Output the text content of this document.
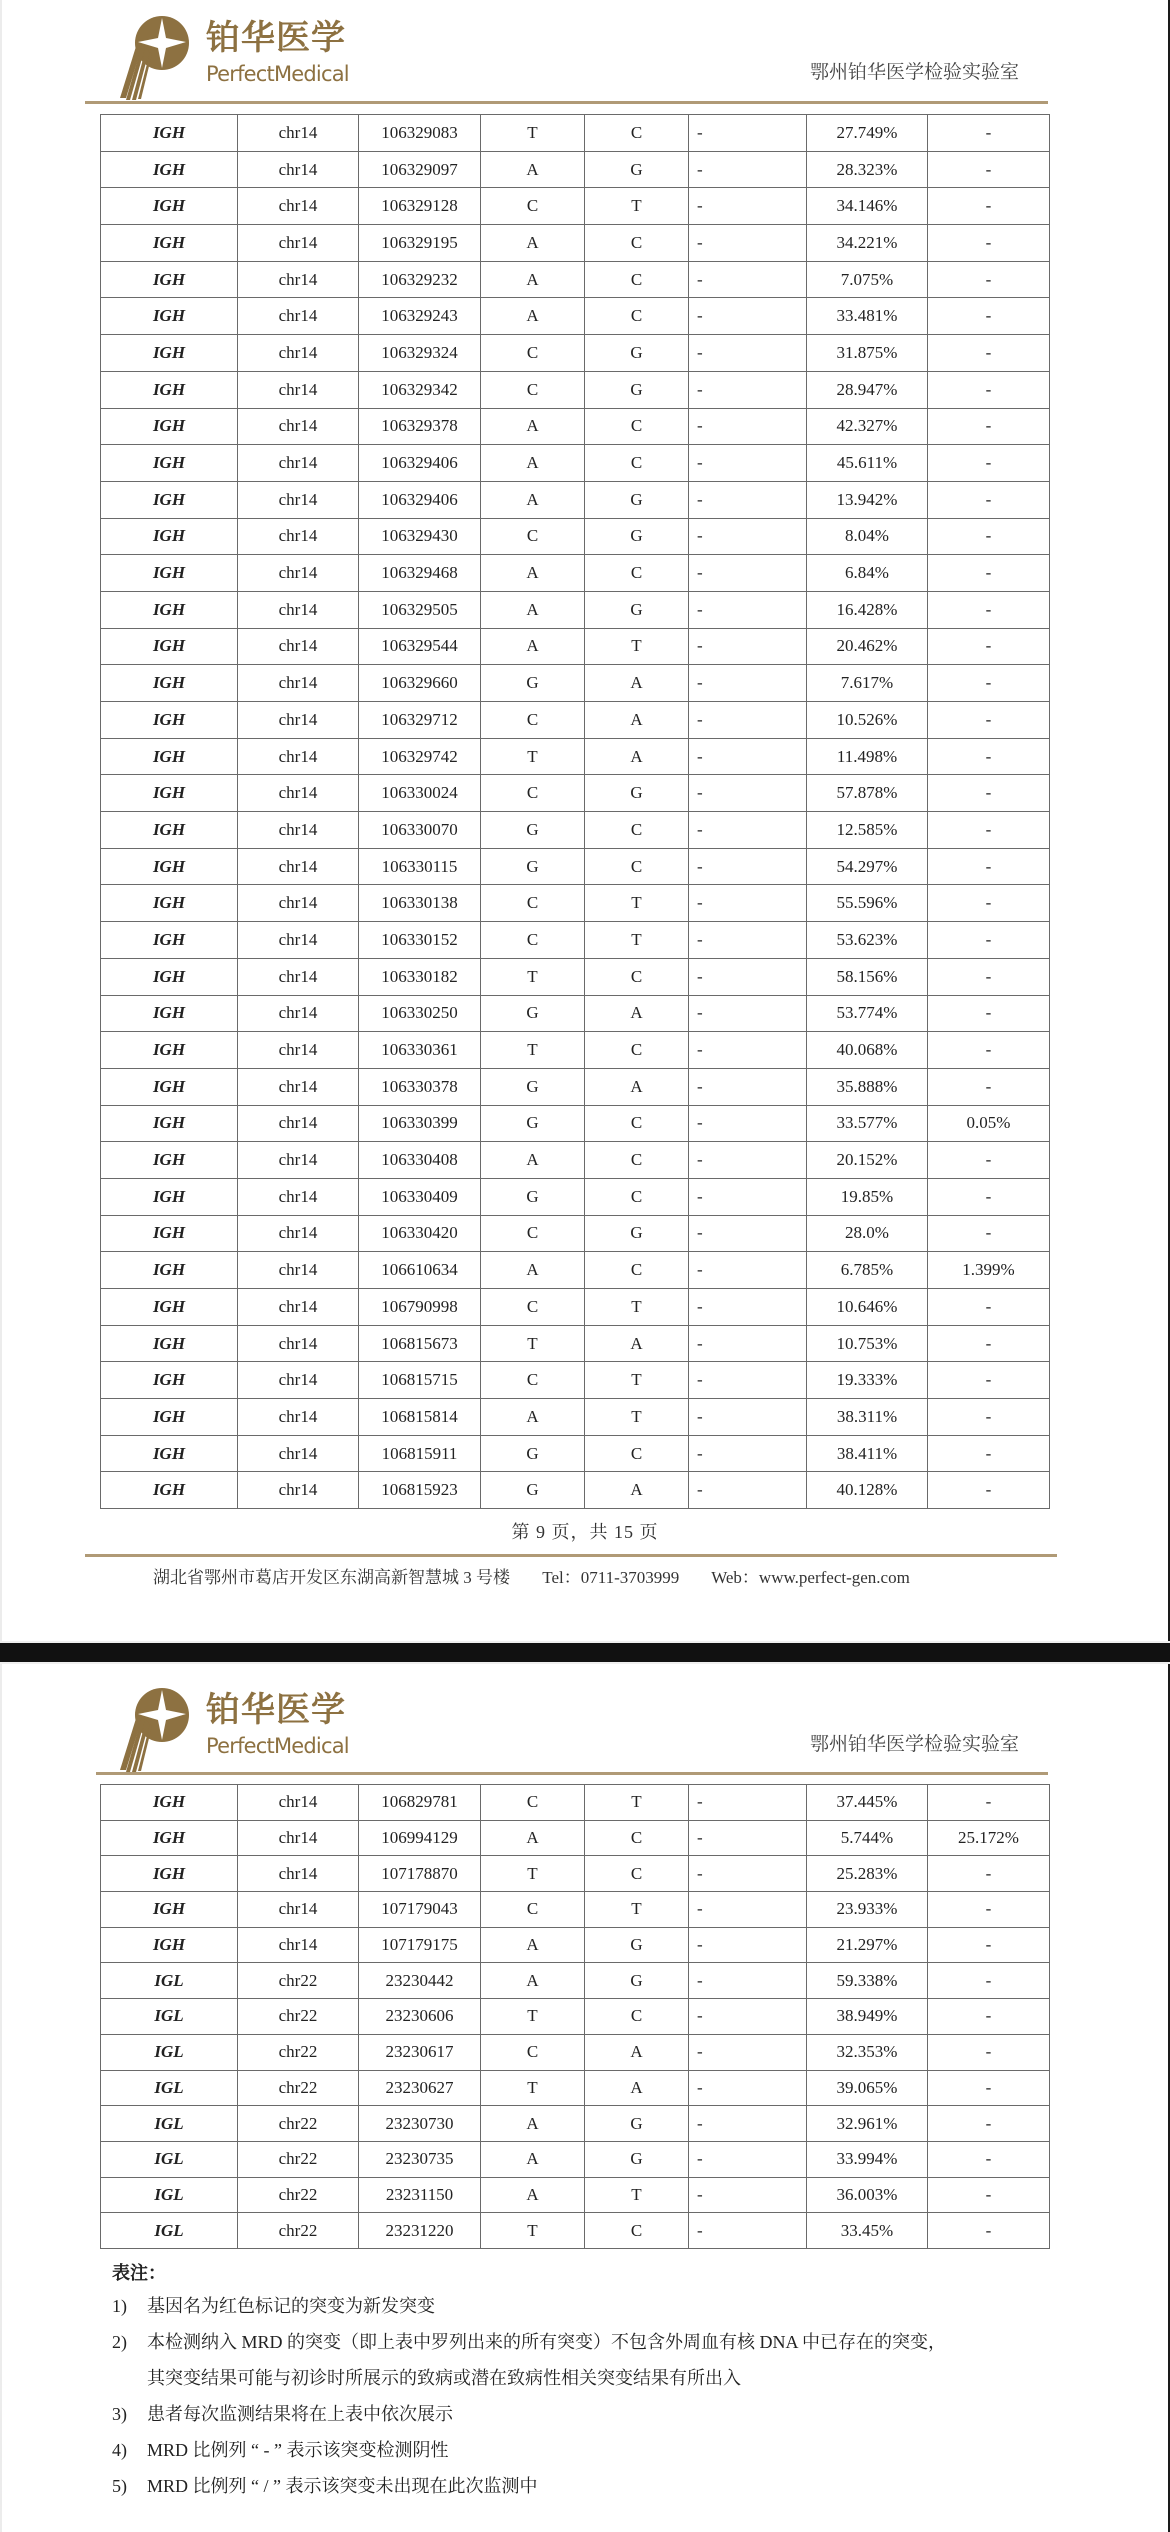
铂华医学
PerfectMedical	鄂州铂华医学检验实验室
IGH	chr14	106329083	T	C	-	27.749%	-
IGH	chr14	106329097	A	G	-	28.323%	-
IGH	chr14	106329128	C	T	-	34.146%	-
IGH	chr14	106329195	A	C	-	34.221%	-
IGH	chr14	106329232	A	C	-	7.075%	-
IGH	chr14	106329243	A	C	-	33.481%	-
IGH	chr14	106329324	C	G	-	31.875%	-
IGH	chr14	106329342	C	G	-	28.947%	-
IGH	chr14	106329378	A	C	-	42.327%	-
IGH	chr14	106329406	A	C	-	45.611%	-
IGH	chr14	106329406	A	G	-	13.942%	-
IGH	chr14	106329430	C	G	-	8.04%	-
IGH	chr14	106329468	A	C	-	6.84%	-
IGH	chr14	106329505	A	G	-	16.428%	-
IGH	chr14	106329544	A	T	-	20.462%	-
IGH	chr14	106329660	G	A	-	7.617%	-
IGH	chr14	106329712	C	A	-	10.526%	-
IGH	chr14	106329742	T	A	-	11.498%	-
IGH	chr14	106330024	C	G	-	57.878%	-
IGH	chr14	106330070	G	C	-	12.585%	-
IGH	chr14	106330115	G	C	-	54.297%	-
IGH	chr14	106330138	C	T	-	55.596%	-
IGH	chr14	106330152	C	T	-	53.623%	-
IGH	chr14	106330182	T	C	-	58.156%	-
IGH	chr14	106330250	G	A	-	53.774%	-
IGH	chr14	106330361	T	C	-	40.068%	-
IGH	chr14	106330378	G	A	-	35.888%	-
IGH	chr14	106330399	G	C	-	33.577%	0.05%
IGH	chr14	106330408	A	C	-	20.152%	-
IGH	chr14	106330409	G	C	-	19.85%	-
IGH	chr14	106330420	C	G	-	28.0%	-
IGH	chr14	106610634	A	C	-	6.785%	1.399%
IGH	chr14	106790998	C	T	-	10.646%	-
IGH	chr14	106815673	T	A	-	10.753%	-
IGH	chr14	106815715	C	T	-	19.333%	-
IGH	chr14	106815814	A	T	-	38.311%	-
IGH	chr14	106815911	G	C	-	38.411%	-
IGH	chr14	106815923	G	A	-	40.128%	-
第 9 页，共 15 页
湖北省鄂州市葛店开发区东湖高新智慧城 3 号楼 Tel：0711-3703999 Web：www.perfect-gen.com
铂华医学
PerfectMedical	鄂州铂华医学检验实验室
IGH	chr14	106829781	C	T	-	37.445%	-
IGH	chr14	106994129	A	C	-	5.744%	25.172%
IGH	chr14	107178870	T	C	-	25.283%	-
IGH	chr14	107179043	C	T	-	23.933%	-
IGH	chr14	107179175	A	G	-	21.297%	-
IGL	chr22	23230442	A	G	-	59.338%	-
IGL	chr22	23230606	T	C	-	38.949%	-
IGL	chr22	23230617	C	A	-	32.353%	-
IGL	chr22	23230627	T	A	-	39.065%	-
IGL	chr22	23230730	A	G	-	32.961%	-
IGL	chr22	23230735	A	G	-	33.994%	-
IGL	chr22	23231150	A	T	-	36.003%	-
IGL	chr22	23231220	T	C	-	33.45%	-
表注：
1) 基因名为红色标记的突变为新发突变
2) 本检测纳入 MRD 的突变（即上表中罗列出来的所有突变）不包含外周血有核 DNA 中已存在的突变，
其突变结果可能与初诊时所展示的致病或潜在致病性相关突变结果有所出入
3) 患者每次监测结果将在上表中依次展示
4) MRD 比例列 “ - ” 表示该突变检测阴性
5) MRD 比例列 “ / ” 表示该突变未出现在此次监测中
